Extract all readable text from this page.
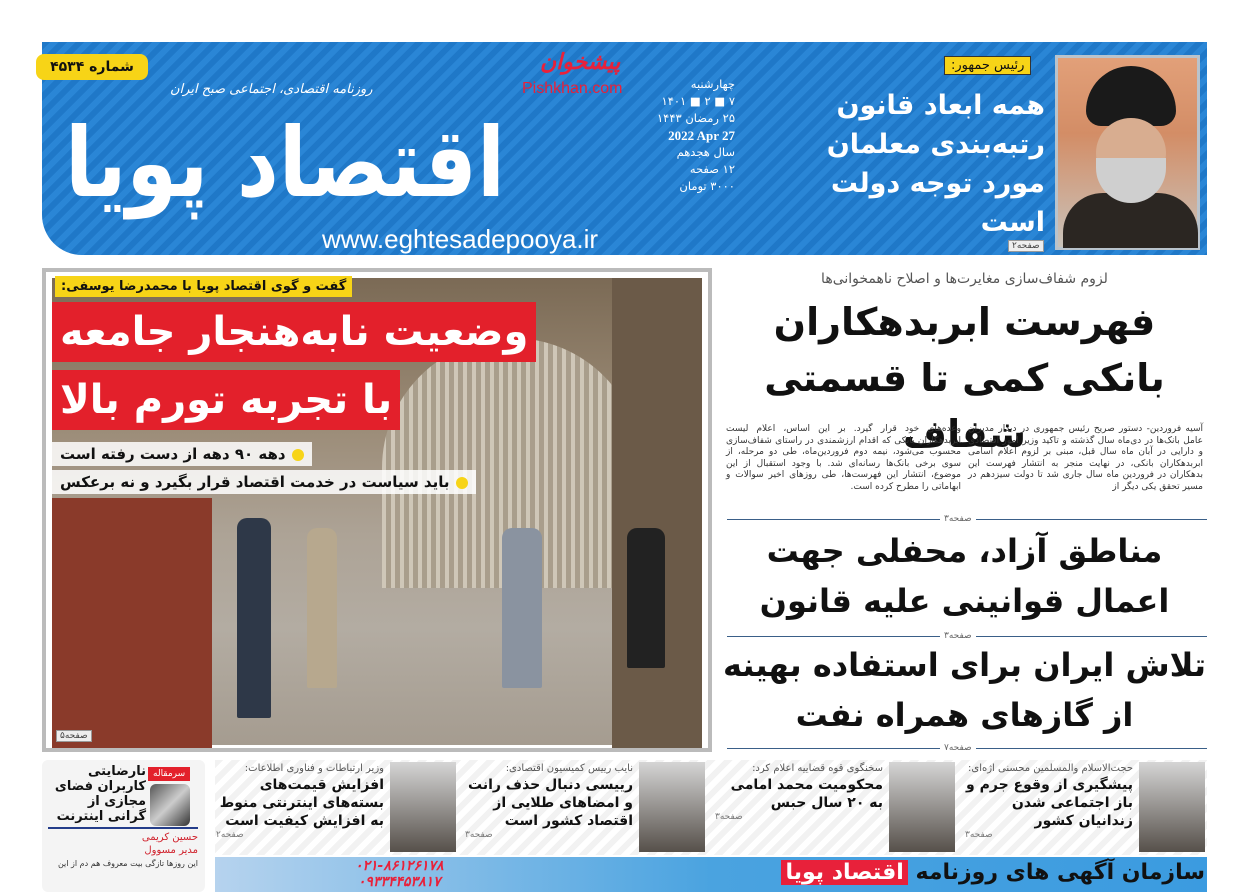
شماره ۴۵۳۴
اقتصاد پویا
روزنامه اقتصادی، اجتماعی صبح ایران
www.eghtesadepooya.ir
پیشخوان
Pishkhan.com	چهارشنبه
۷ ■ ۲ ■ ۱۴۰۱
۲۵ رمضان ۱۴۴۳
2022 Apr 27
سال هجدهم
۱۲ صفحه
۳۰۰۰ تومان
رئیس جمهور:
همه ابعاد قانون رتبه‌بندی معلمان مورد توجه دولت است
صفحه۲
گفت و گوی اقتصاد پویا با محمدرضا یوسفی:
وضعیت نابه‌هنجار جامعه
با تجربه تورم بالا
دهه ۹۰ دهه از دست رفته است
باید سیاست در خدمت اقتصاد قرار بگیرد و نه برعکس
صفحه۵
لزوم شفاف‌سازی مغایرت‌ها و اصلاح ناهمخوانی‌ها
فهرست ابربدهکاران بانکی کمی تا قسمتی شفاف
آسیه فروردین- دستور صریح رئیس جمهوری در دیدار مدیران عامل بانک‌ها در دی‌ماه سال گذشته و تاکید وزیر امور اقتصادی و دارایی در آبان ماه سال قبل، مبنی بر لزوم اعلام اسامی ابربدهکاران بانکی، در نهایت منجر به انتشار فهرست این بدهکاران در فروردین ماه سال جاری شد تا دولت سیزدهم در مسیر تحقق یکی دیگر از
وعده‌های خود قرار گیرد. بر این اساس، اعلام لیست ابربدهکاران بانکی که اقدام ارزشمندی در راستای شفاف‌سازی محسوب می‌شود، نیمه دوم فروردین‌ماه، طی دو مرحله، از سوی برخی بانک‌ها رسانه‌ای شد. با وجود استقبال از این موضوع، انتشار این فهرست‌ها، طی روزهای اخیر سوالات و ابهاماتی را مطرح کرده است.
صفحه۳
مناطق آزاد، محفلی جهت اعمال قوانینی علیه قانون
صفحه۳
تلاش ایران برای استفاده بهینه از گازهای همراه نفت
صفحه۷
حجت‌الاسلام والمسلمین محسنی اژه‌ای:
پیشگیری از وقوع جرم و باز اجتماعی شدن زندانیان کشور
صفحه۳
سخنگوی قوه قضاییه اعلام کرد:
محکومیت محمد امامی به ۲۰ سال حبس
صفحه۳
نایب رییس کمیسیون اقتصادی:
رییسی دنبال حذف رانت و امضاهای طلایی از اقتصاد کشور است
صفحه۳
وزیر ارتباطات و فناوری اطلاعات:
افزایش قیمت‌های بسته‌های اینترنتی منوط به افزایش کیفیت است
صفحه۲
سرمقاله
نارضایتی کاربران فضای مجازی از گرانی اینترنت
حسین کریمی
مدیر مسوول
این روزها تازگی بیت معروف هم دم از این	۰۲۱-۸۶۱۲۶۱۷۸
۰۹۳۳۴۴۵۳۸۱۷	سازمان آگهی های روزنامه اقتصاد پویا
